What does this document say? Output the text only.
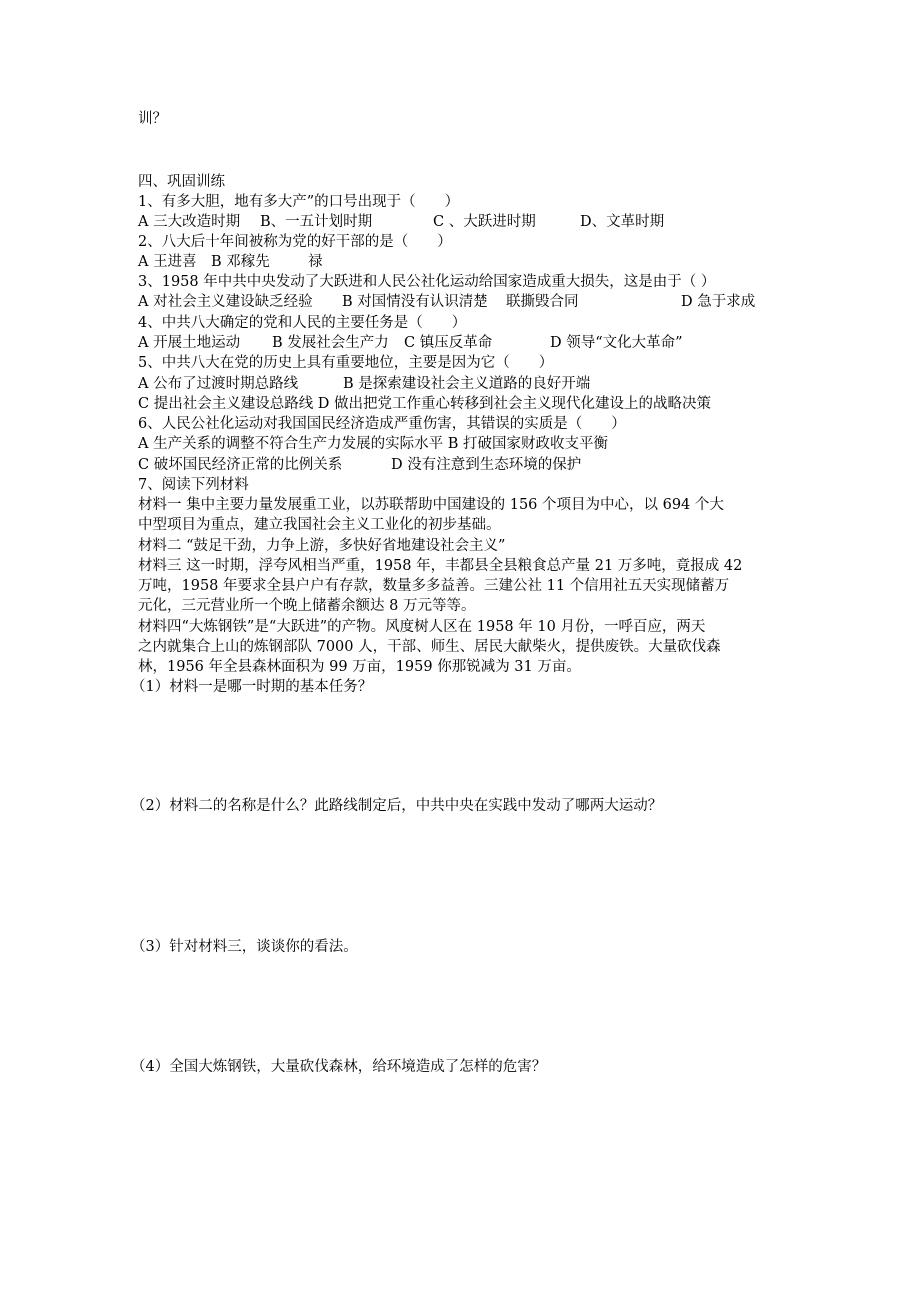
训？
四、巩固训练
1、有多大胆，地有多大产”的口号出现于（　　）
A 三大改造时期 B、一五计划时期	C 、大跃进时期	D、文革时期
2、八大后十年间被称为党的好干部的是（　　）
A 王进喜 B 邓稼先	禄
3、1958 年中共中央发动了大跃进和人民公社化运动给国家造成重大损失，这是由于（ ）
A 对社会主义建设缺乏经验 B 对国情没有认识清楚 联撕毁合同	D 急于求成
4、中共八大确定的党和人民的主要任务是（　　）
A 开展土地运动 B 发展社会生产力 C 镇压反革命	D 领导“文化大革命”
5、中共八大在党的历史上具有重要地位，主要是因为它（　　）
A 公布了过渡时期总路线	B 是探索建设社会主义道路的良好开端
C 提出社会主义建设总路线 D 做出把党工作重心转移到社会主义现代化建设上的战略决策
6、人民公社化运动对我国国民经济造成严重伤害，其错误的实质是（　　）
A 生产关系的调整不符合生产力发展的实际水平 B 打破国家财政收支平衡
C 破坏国民经济正常的比例关系	D 没有注意到生态环境的保护
7、阅读下列材料
材料一 集中主要力量发展重工业，以苏联帮助中国建设的 156 个项目为中心，以 694 个大
中型项目为重点，建立我国社会主义工业化的初步基础。
材料二 “鼓足干劲，力争上游，多快好省地建设社会主义”
材料三 这一时期，浮夸风相当严重，1958 年，丰都县全县粮食总产量 21 万多吨，竟报成 42
万吨，1958 年要求全县户户有存款，数量多多益善。三建公社 11 个信用社五天实现储蓄万
元化，三元营业所一个晚上储蓄余额达 8 万元等等。
材料四“大炼钢铁”是“大跃进”的产物。风度树人区在 1958 年 10 月份，一呼百应，两天
之内就集合上山的炼钢部队 7000 人，干部、师生、居民大献柴火，提供废铁。大量砍伐森
林，1956 年全县森林面积为 99 万亩，1959 你那锐减为 31 万亩。
（1）材料一是哪一时期的基本任务？
（2）材料二的名称是什么？此路线制定后，中共中央在实践中发动了哪两大运动？
（3）针对材料三，谈谈你的看法。
（4）全国大炼钢铁，大量砍伐森林，给环境造成了怎样的危害？
